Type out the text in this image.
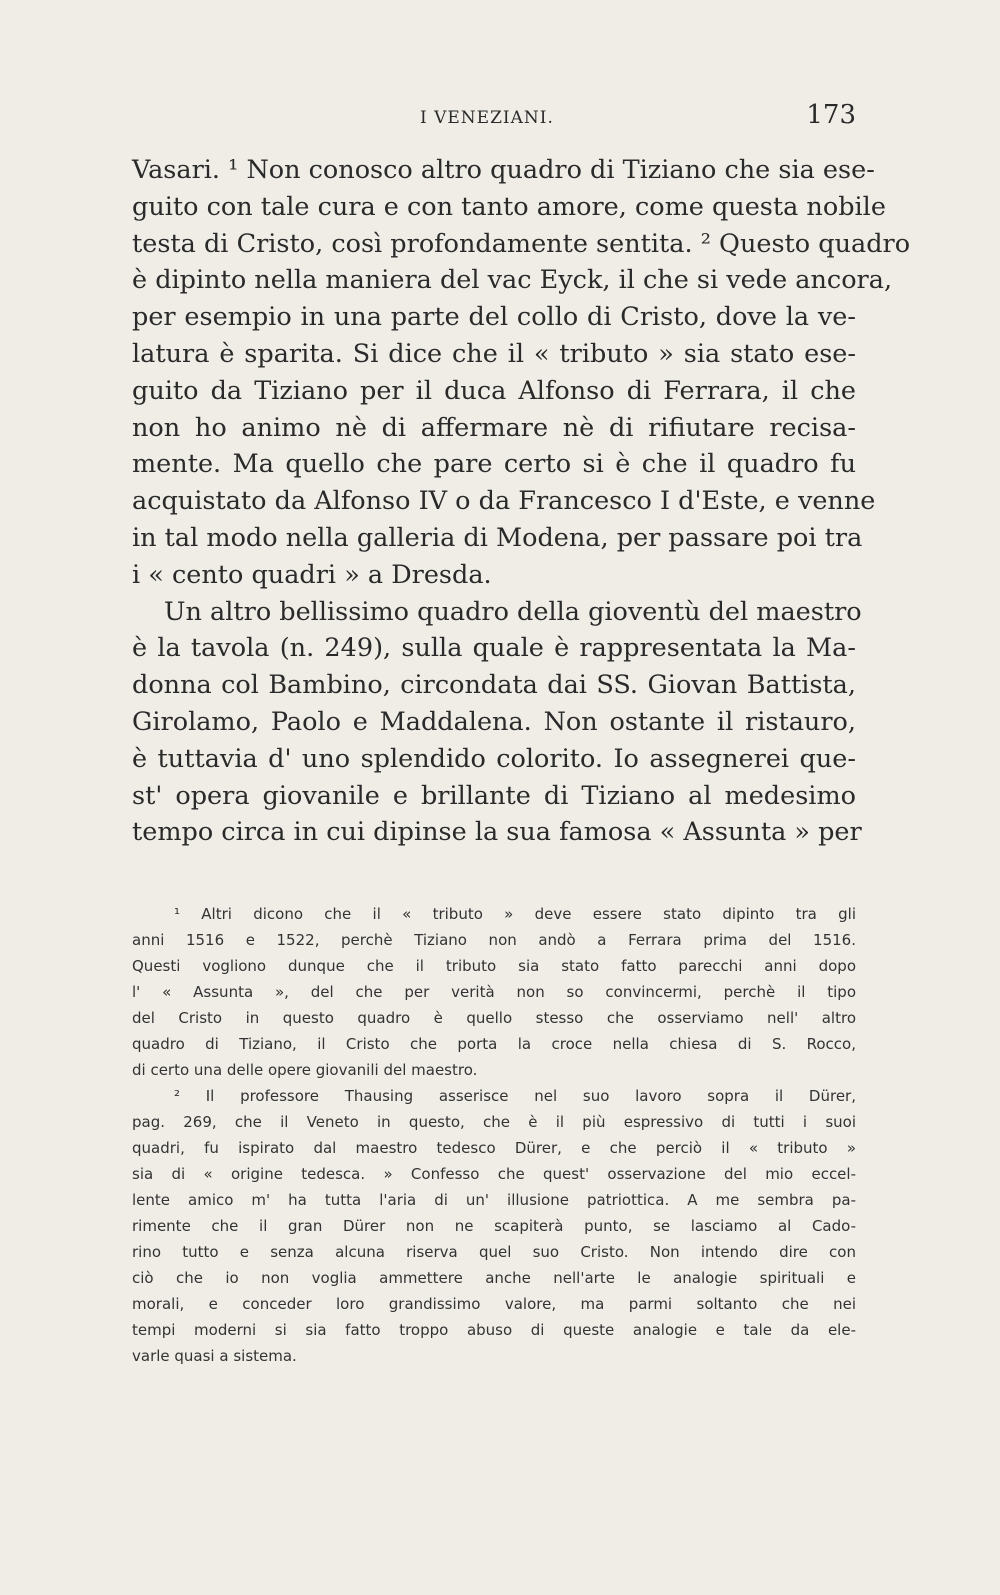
I VENEZIANI.	173
Vasari. ¹ Non conosco altro quadro di Tiziano che sia ese-
guito con tale cura e con tanto amore, come questa nobile
testa di Cristo, così profondamente sentita. ² Questo quadro
è dipinto nella maniera del vac Eyck, il che si vede ancora,
per esempio in una parte del collo di Cristo, dove la ve-
latura è sparita. Si dice che il « tributo » sia stato ese-
guito da Tiziano per il duca Alfonso di Ferrara, il che
non ho animo nè di affermare nè di rifiutare recisa-
mente. Ma quello che pare certo si è che il quadro fu
acquistato da Alfonso IV o da Francesco I d'Este, e venne
in tal modo nella galleria di Modena, per passare poi tra
i « cento quadri » a Dresda.
Un altro bellissimo quadro della gioventù del maestro
è la tavola (n. 249), sulla quale è rappresentata la Ma-
donna col Bambino, circondata dai SS. Giovan Battista,
Girolamo, Paolo e Maddalena. Non ostante il ristauro,
è tuttavia d' uno splendido colorito. Io assegnerei que-
st' opera giovanile e brillante di Tiziano al medesimo
tempo circa in cui dipinse la sua famosa « Assunta » per
¹ Altri dicono che il « tributo » deve essere stato dipinto tra gli
anni 1516 e 1522, perchè Tiziano non andò a Ferrara prima del 1516.
Questi vogliono dunque che il tributo sia stato fatto parecchi anni dopo
l' « Assunta », del che per verità non so convincermi, perchè il tipo
del Cristo in questo quadro è quello stesso che osserviamo nell' altro
quadro di Tiziano, il Cristo che porta la croce nella chiesa di S. Rocco,
di certo una delle opere giovanili del maestro.
² Il professore Thausing asserisce nel suo lavoro sopra il Dürer,
pag. 269, che il Veneto in questo, che è il più espressivo di tutti i suoi
quadri, fu ispirato dal maestro tedesco Dürer, e che perciò il « tributo »
sia di « origine tedesca. » Confesso che quest' osservazione del mio eccel-
lente amico m' ha tutta l'aria di un' illusione patriottica. A me sembra pa-
rimente che il gran Dürer non ne scapiterà punto, se lasciamo al Cado-
rino tutto e senza alcuna riserva quel suo Cristo. Non intendo dire con
ciò che io non voglia ammettere anche nell'arte le analogie spirituali e
morali, e conceder loro grandissimo valore, ma parmi soltanto che nei
tempi moderni si sia fatto troppo abuso di queste analogie e tale da ele-
varle quasi a sistema.
